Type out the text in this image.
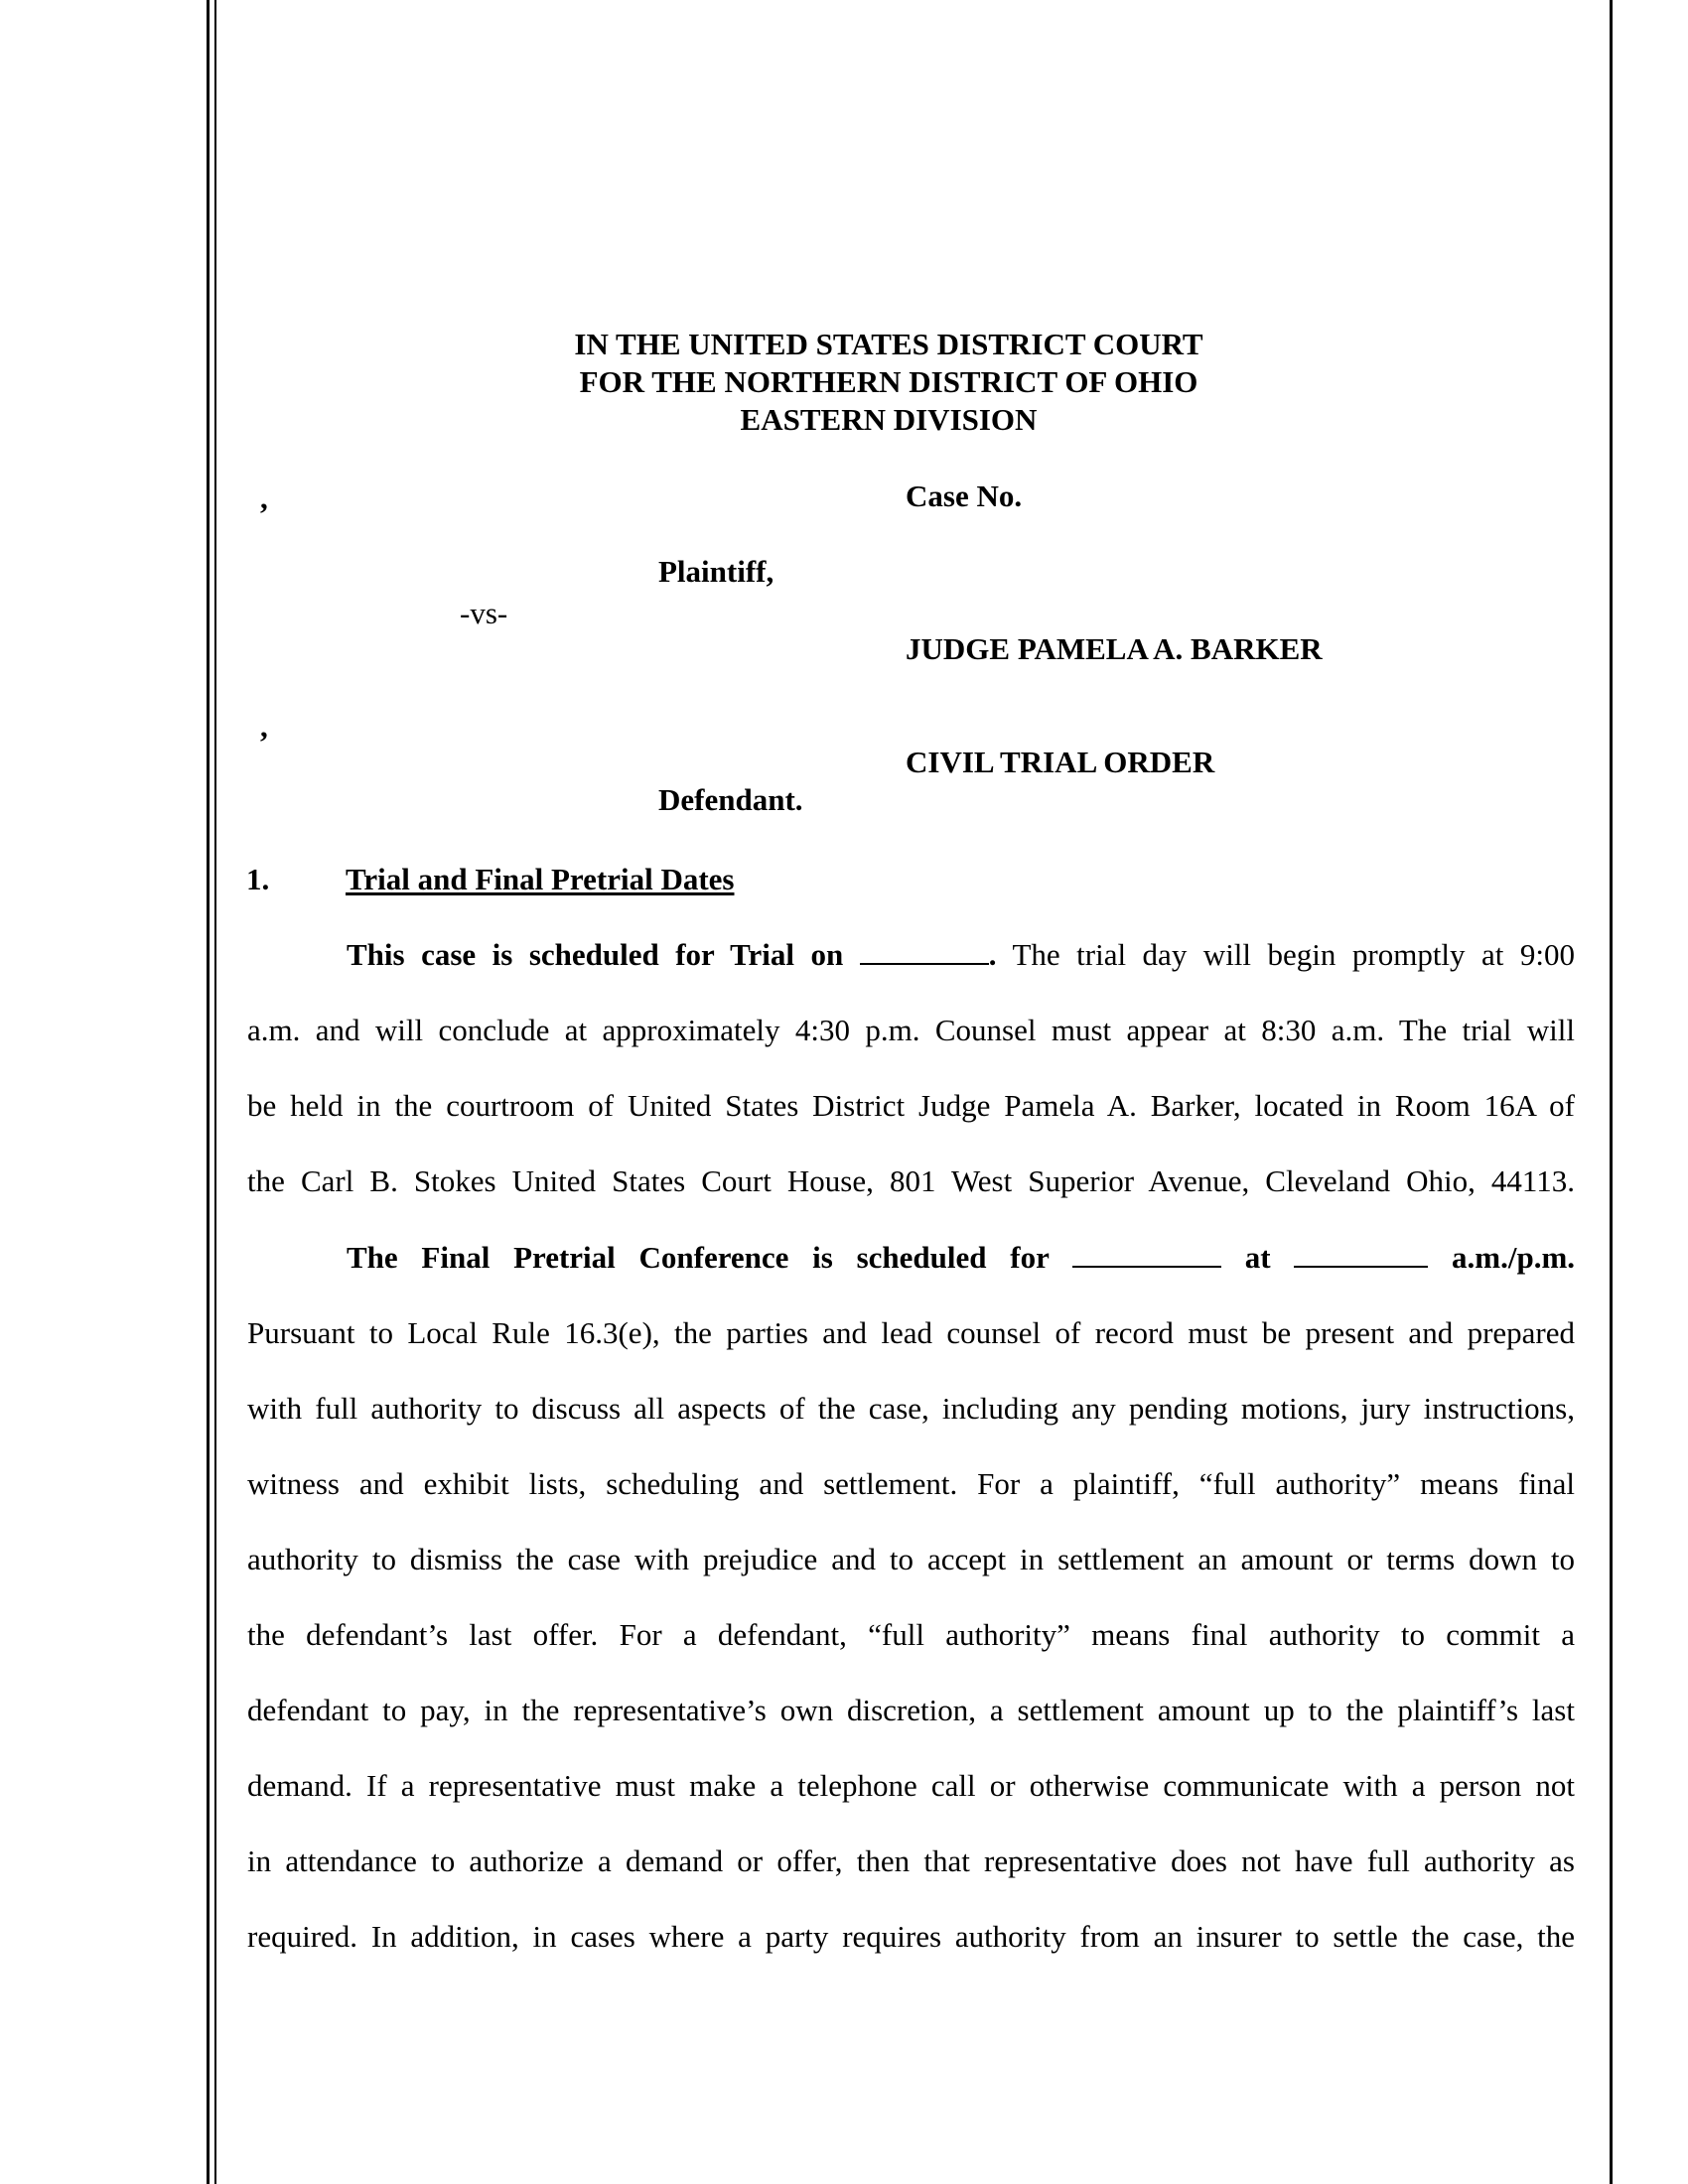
IN THE UNITED STATES DISTRICT COURT
FOR THE NORTHERN DISTRICT OF OHIO
EASTERN DIVISION
,	Case No.
Plaintiff,
-vs-
JUDGE PAMELA A. BARKER
,
CIVIL TRIAL ORDER
Defendant.
1. Trial and Final Pretrial Dates
This case is scheduled for Trial on	. The trial day will begin promptly at 9:00
a.m. and will conclude at approximately 4:30 p.m. Counsel must appear at 8:30 a.m. The trial will
be held in the courtroom of United States District Judge Pamela A. Barker, located in Room 16A of
the Carl B. Stokes United States Court House, 801 West Superior Avenue, Cleveland Ohio, 44113.
The Final Pretrial Conference is scheduled for	at	a.m./p.m.
Pursuant to Local Rule 16.3(e), the parties and lead counsel of record must be present and prepared
with full authority to discuss all aspects of the case, including any pending motions, jury instructions,
witness and exhibit lists, scheduling and settlement. For a plaintiff, “full authority” means final
authority to dismiss the case with prejudice and to accept in settlement an amount or terms down to
the defendant’s last offer. For a defendant, “full authority” means final authority to commit a
defendant to pay, in the representative’s own discretion, a settlement amount up to the plaintiff’s last
demand. If a representative must make a telephone call or otherwise communicate with a person not
in attendance to authorize a demand or offer, then that representative does not have full authority as
required. In addition, in cases where a party requires authority from an insurer to settle the case, the
